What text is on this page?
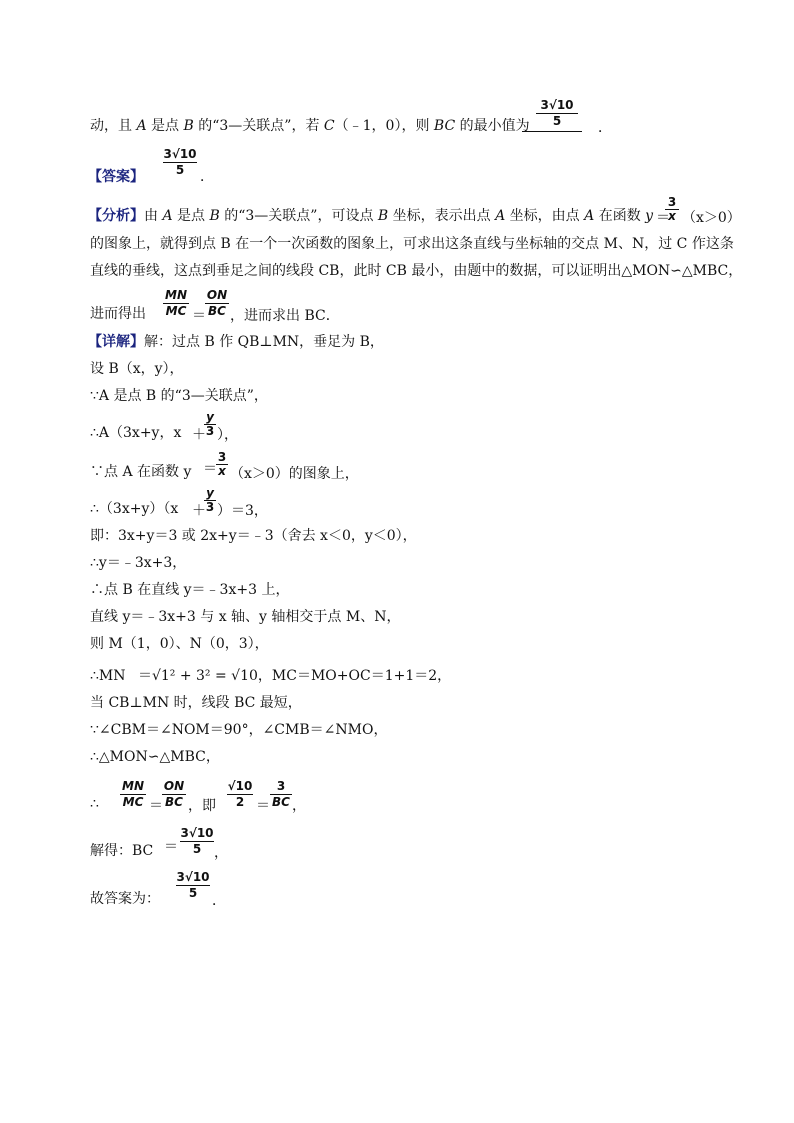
动，且 A 是点 B 的“3—关联点”，若 C（﹣1，0），则 BC 的最小值为 $\frac{3√10}{5}$ ．
【答案】 $\frac{3√10}{5}$ ．
【分析】由 A 是点 B 的“3—关联点”，可设点 B 坐标，表示出点 A 坐标，由点 A 在函数 y ＝
$\frac{3}{x} (x>0)$
的图象上，就得到点 B 在一个一次函数的图象上，可求出这条直线与坐标轴的交点 M、N，过 C 作这条
直线的垂线，这点到垂足之间的线段 CB，此时 CB 最小，由题中的数据，可以证明出△MON∽△MBC，
进而得出 $\frac{MN}{MC} = \frac{ON}{BC}$ ，进而求出 BC．
【详解】解：过点 B 作 QB⊥MN，垂足为 B，
设 B（x，y），
∵A 是点 B 的“3—关联点”，
∴A（3x+y，x ＋
$\frac{y}{3}$ ），
∵点 A 在函数 $y = \frac{3}{x} (x>0)$的图象上，
∴（3x+y）（x ＋
$\frac{y}{3} )=3$，
即：3x+y＝3 或 2x+y＝﹣3（舍去 x＜0，y＜0），
∴y＝﹣3x+3，
∴点 B 在直线 y＝﹣3x+3 上，
直线 y＝﹣3x+3 与 x 轴、y 轴相交于点 M、N，
则 M（1，0）、N（0，3），
∴MN ＝√1² + 3² = √10，MC＝MO+OC＝1+1＝2，
当 CB⊥MN 时，线段 BC 最短，
∵∠CBM＝∠NOM＝90°，∠CMB＝∠NMO，
∴△MON∽△MBC，
∴ $\frac{MN}{MC} = \frac{ON}{BC}$ ，即 $\frac{√10}{2} = \frac{3}{BC}$ ，
解得：BC ＝ $\frac{3√10}{5}$ ，
故答案为： $\frac{3√10}{5}$ ．
